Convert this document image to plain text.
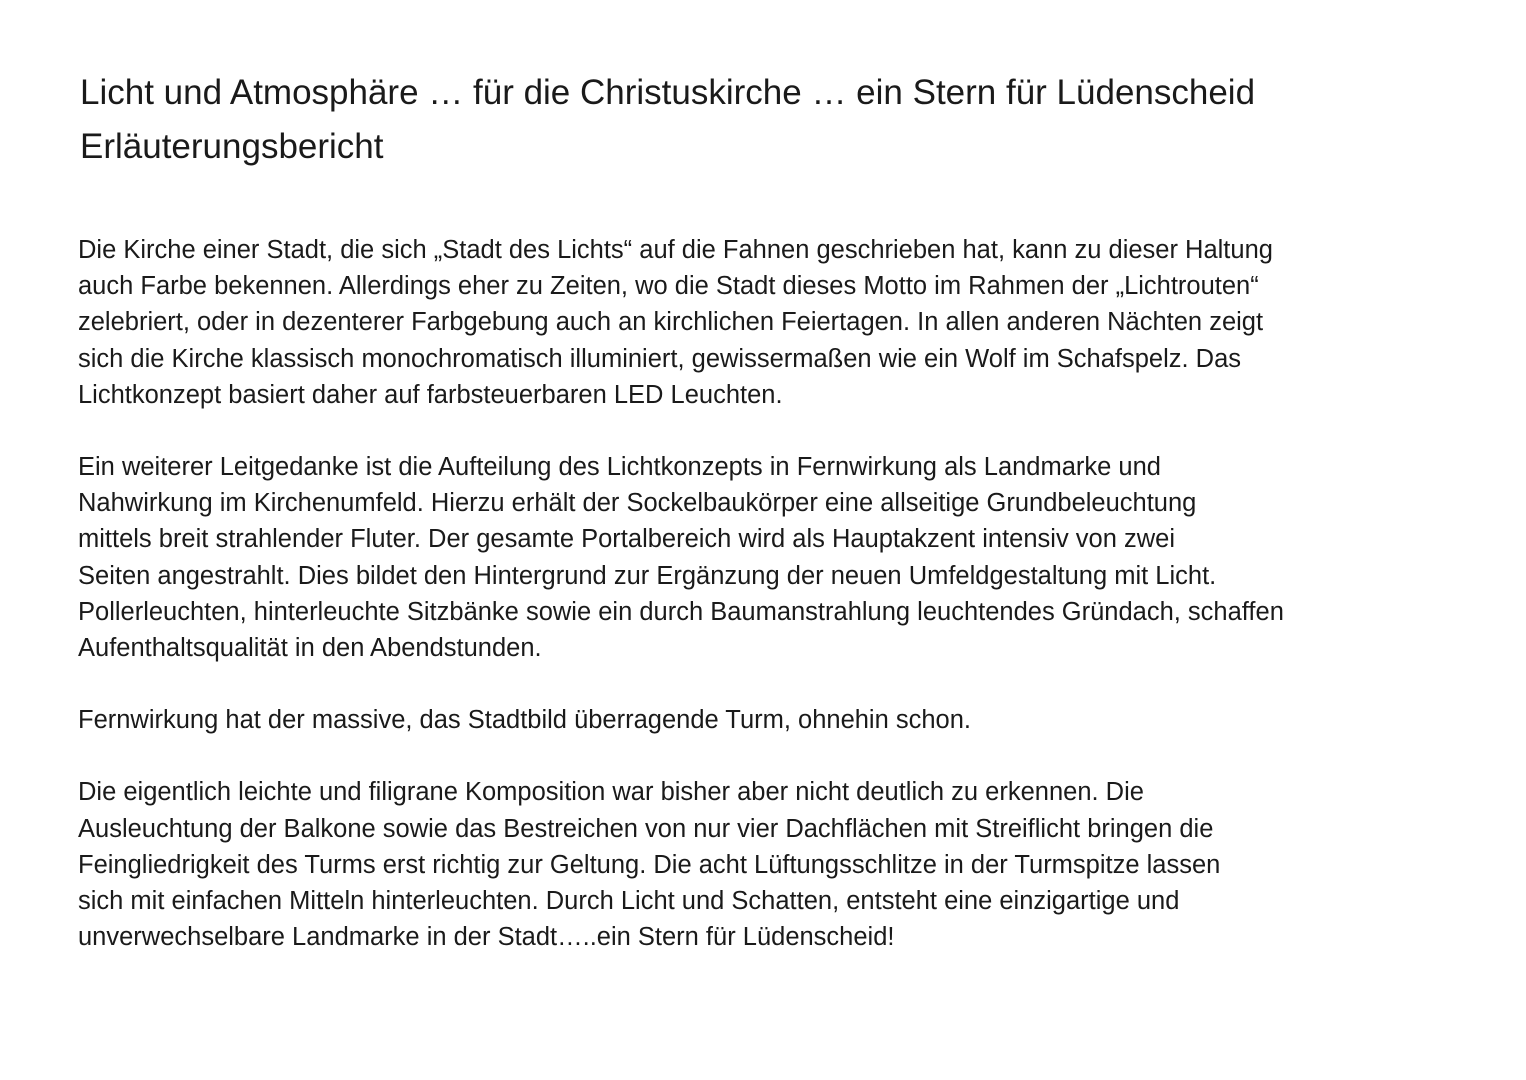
Licht und Atmosphäre … für die Christuskirche … ein Stern für Lüdenscheid
Erläuterungsbericht
Die Kirche einer Stadt, die sich „Stadt des Lichts“ auf die Fahnen geschrieben hat, kann zu dieser Haltung
auch Farbe bekennen. Allerdings eher zu Zeiten, wo die Stadt dieses Motto im Rahmen der „Lichtrouten“
zelebriert, oder in dezenterer Farbgebung auch an kirchlichen Feiertagen. In allen anderen Nächten zeigt
sich die Kirche klassisch monochromatisch illuminiert, gewissermaßen wie ein Wolf im Schafspelz. Das
Lichtkonzept basiert daher auf farbsteuerbaren LED Leuchten.
Ein weiterer Leitgedanke ist die Aufteilung des Lichtkonzepts in Fernwirkung als Landmarke und
Nahwirkung im Kirchenumfeld. Hierzu erhält der Sockelbaukörper eine allseitige Grundbeleuchtung
mittels breit strahlender Fluter. Der gesamte Portalbereich wird als Hauptakzent intensiv von zwei
Seiten angestrahlt. Dies bildet den Hintergrund zur Ergänzung der neuen Umfeldgestaltung mit Licht.
Pollerleuchten, hinterleuchte Sitzbänke sowie ein durch Baumanstrahlung leuchtendes Gründach, schaffen
Aufenthaltsqualität in den Abendstunden.
Fernwirkung hat der massive, das Stadtbild überragende Turm, ohnehin schon.
Die eigentlich leichte und filigrane Komposition war bisher aber nicht deutlich zu erkennen. Die
Ausleuchtung der Balkone sowie das Bestreichen von nur vier Dachflächen mit Streiflicht bringen die
Feingliedrigkeit des Turms erst richtig zur Geltung. Die acht Lüftungsschlitze in der Turmspitze lassen
sich mit einfachen Mitteln hinterleuchten. Durch Licht und Schatten, entsteht eine einzigartige und
unverwechselbare Landmarke in der Stadt…..ein Stern für Lüdenscheid!
